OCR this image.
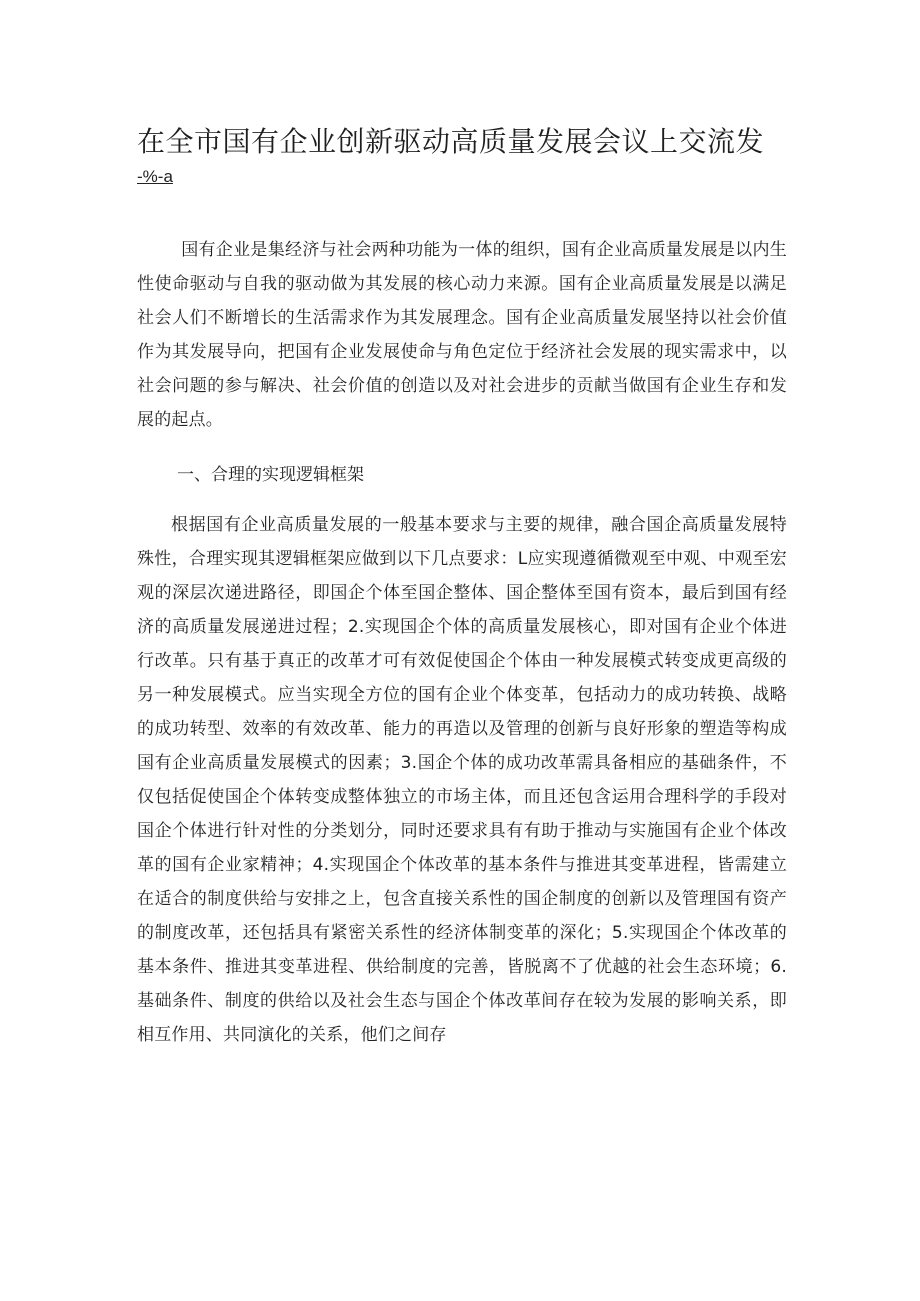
在全市国有企业创新驱动高质量发展会议上交流发
-%-a

国有企业是集经济与社会两种功能为一体的组织，国有企业高质量发展是以内生性使命驱动与自我的驱动做为其发展的核心动力来源。国有企业高质量发展是以满足社会人们不断增长的生活需求作为其发展理念。国有企业高质量发展坚持以社会价值作为其发展导向，把国有企业发展使命与角色定位于经济社会发展的现实需求中，以社会问题的参与解决、社会价值的创造以及对社会进步的贡献当做国有企业生存和发展的起点。

一、合理的实现逻辑框架

根据国有企业高质量发展的一般基本要求与主要的规律，融合国企高质量发展特殊性，合理实现其逻辑框架应做到以下几点要求：L应实现遵循微观至中观、中观至宏观的深层次递进路径，即国企个体至国企整体、国企整体至国有资本，最后到国有经济的高质量发展递进过程；2.实现国企个体的高质量发展核心，即对国有企业个体进行改革。只有基于真正的改革才可有效促使国企个体由一种发展模式转变成更高级的另一种发展模式。应当实现全方位的国有企业个体变革，包括动力的成功转换、战略的成功转型、效率的有效改革、能力的再造以及管理的创新与良好形象的塑造等构成国有企业高质量发展模式的因素；3.国企个体的成功改革需具备相应的基础条件，不仅包括促使国企个体转变成整体独立的市场主体，而且还包含运用合理科学的手段对国企个体进行针对性的分类划分，同时还要求具有有助于推动与实施国有企业个体改革的国有企业家精神；4.实现国企个体改革的基本条件与推进其变革进程，皆需建立在适合的制度供给与安排之上，包含直接关系性的国企制度的创新以及管理国有资产的制度改革，还包括具有紧密关系性的经济体制变革的深化；5.实现国企个体改革的基本条件、推进其变革进程、供给制度的完善，皆脱离不了优越的社会生态环境；6.基础条件、制度的供给以及社会生态与国企个体改革间存在较为发展的影响关系，即相互作用、共同演化的关系，他们之间存
